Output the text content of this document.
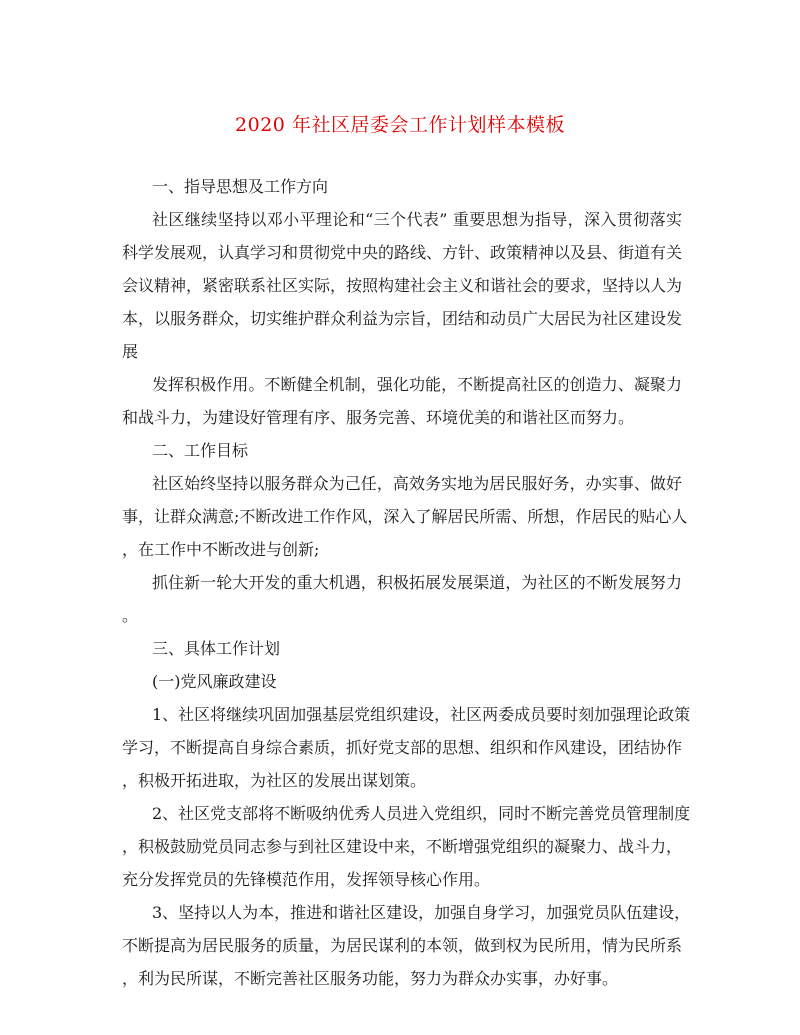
2020 年社区居委会工作计划样本模板
一、指导思想及工作方向
社区继续坚持以邓小平理论和“三个代表” 重要思想为指导，深入贯彻落实
科学发展观，认真学习和贯彻党中央的路线、方针、政策精神以及县、街道有关
会议精神，紧密联系社区实际，按照构建社会主义和谐社会的要求，坚持以人为
本，以服务群众，切实维护群众利益为宗旨，团结和动员广大居民为社区建设发
展
发挥积极作用。不断健全机制，强化功能，不断提高社区的创造力、凝聚力
和战斗力，为建设好管理有序、服务完善、环境优美的和谐社区而努力。
二、工作目标
社区始终坚持以服务群众为己任，高效务实地为居民服好务，办实事、做好
事，让群众满意;不断改进工作作风，深入了解居民所需、所想，作居民的贴心人
，在工作中不断改进与创新;
抓住新一轮大开发的重大机遇，积极拓展发展渠道，为社区的不断发展努力
。
三、具体工作计划
(一)党风廉政建设
1、社区将继续巩固加强基层党组织建设，社区两委成员要时刻加强理论政策
学习，不断提高自身综合素质，抓好党支部的思想、组织和作风建设，团结协作
，积极开拓进取，为社区的发展出谋划策。
2、社区党支部将不断吸纳优秀人员进入党组织，同时不断完善党员管理制度
，积极鼓励党员同志参与到社区建设中来，不断增强党组织的凝聚力、战斗力，
充分发挥党员的先锋模范作用，发挥领导核心作用。
3、坚持以人为本，推进和谐社区建设，加强自身学习，加强党员队伍建设，
不断提高为居民服务的质量，为居民谋利的本领，做到权为民所用，情为民所系
，利为民所谋，不断完善社区服务功能，努力为群众办实事，办好事。
